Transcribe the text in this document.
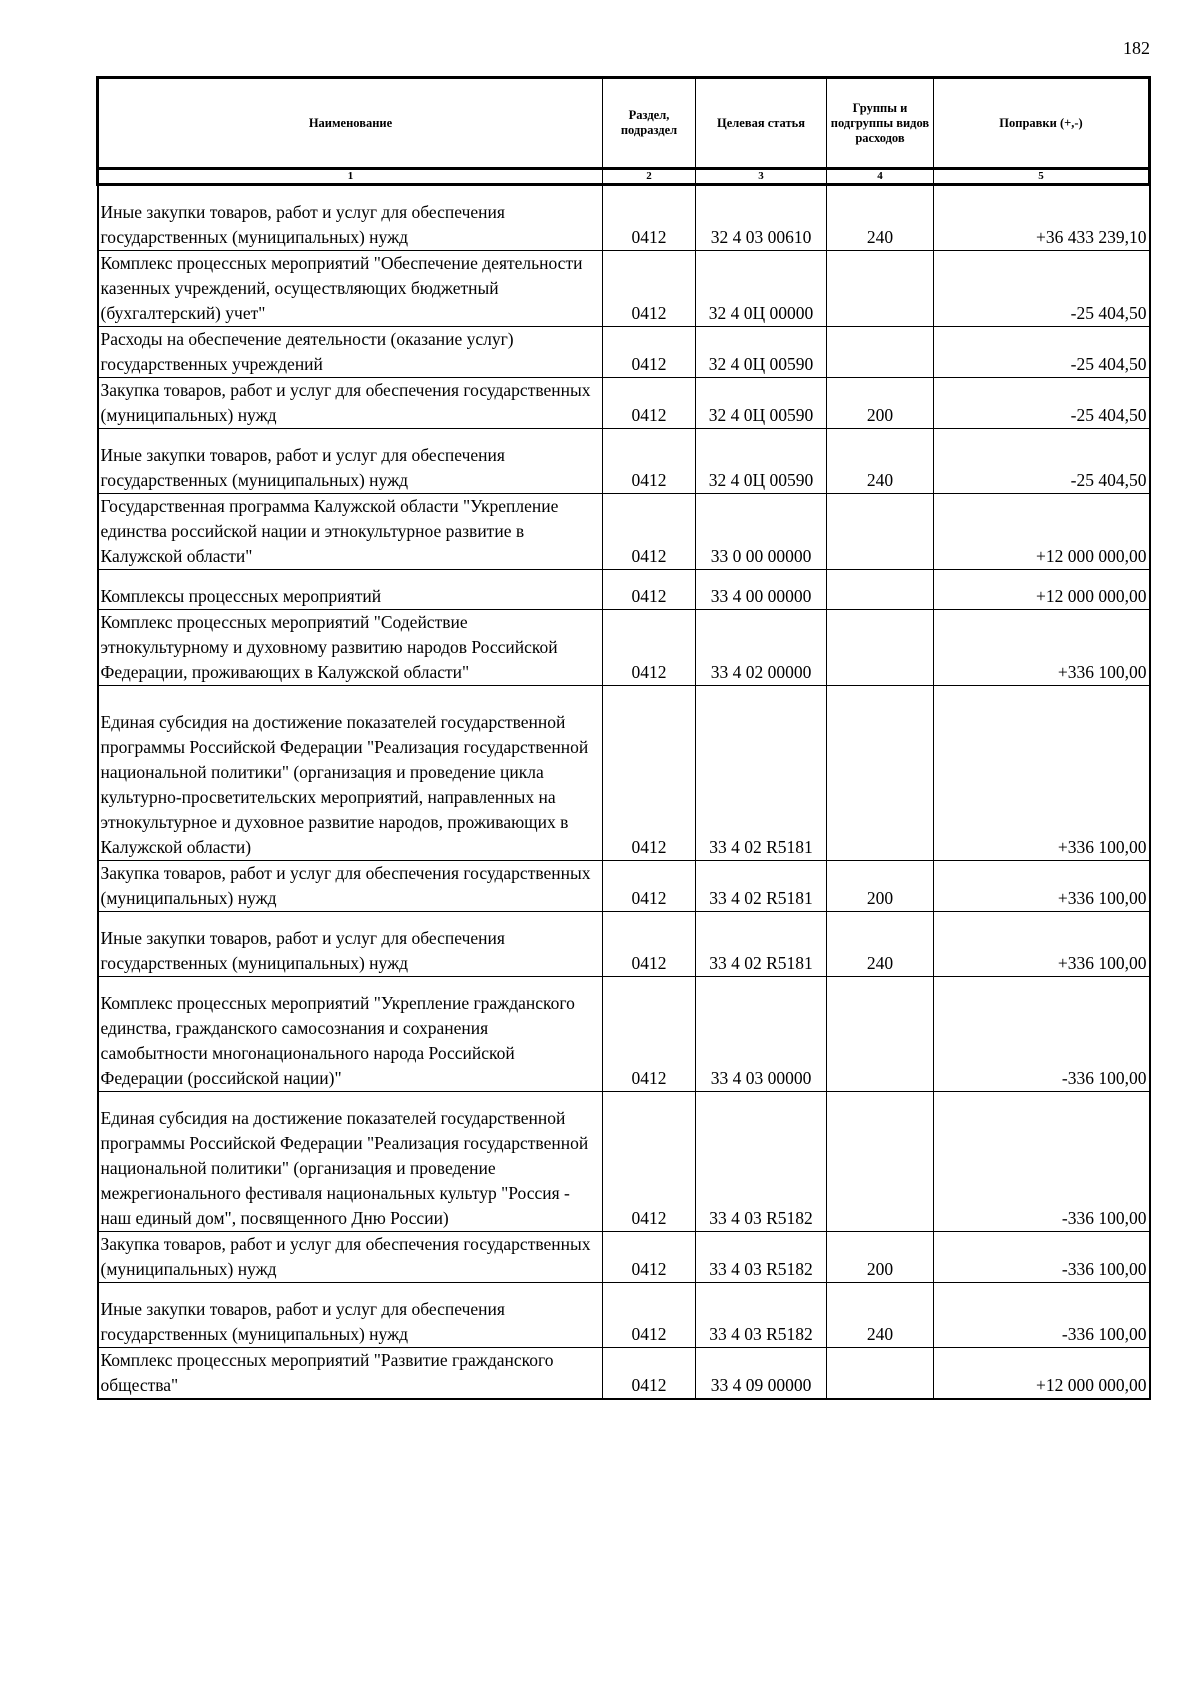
182
Наименование	Раздел, подраздел	Целевая статья	Группы и подгруппы видов расходов	Поправки (+,-)
1	2	3	4	5

Иные закупки товаров, работ и услуг для обеспечения государственных (муниципальных) нужд	0412	32 4 03 00610	240	+36 433 239,10
Комплекс процессных мероприятий "Обеспечение деятельности казенных учреждений, осуществляющих бюджетный (бухгалтерский) учет"	0412	32 4 0Ц 00000		-25 404,50
Расходы на обеспечение деятельности (оказание услуг) государственных учреждений	0412	32 4 0Ц 00590		-25 404,50
Закупка товаров, работ и услуг для обеспечения государственных (муниципальных) нужд	0412	32 4 0Ц 00590	200	-25 404,50

Иные закупки товаров, работ и услуг для обеспечения государственных (муниципальных) нужд	0412	32 4 0Ц 00590	240	-25 404,50
Государственная программа Калужской области "Укрепление единства российской нации и этнокультурное развитие в Калужской области"	0412	33 0 00 00000		+12 000 000,00

Комплексы процессных мероприятий	0412	33 4 00 00000		+12 000 000,00
Комплекс процессных мероприятий "Содействие этнокультурному и духовному развитию народов Российской Федерации, проживающих в Калужской области"	0412	33 4 02 00000		+336 100,00

Единая субсидия на достижение показателей государственной программы Российской Федерации "Реализация государственной национальной политики" (организация и проведение цикла культурно-просветительских мероприятий, направленных на этнокультурное и духовное развитие народов, проживающих в Калужской области)	0412	33 4 02 R5181		+336 100,00
Закупка товаров, работ и услуг для обеспечения государственных (муниципальных) нужд	0412	33 4 02 R5181	200	+336 100,00

Иные закупки товаров, работ и услуг для обеспечения государственных (муниципальных) нужд	0412	33 4 02 R5181	240	+336 100,00

Комплекс процессных мероприятий "Укрепление гражданского единства, гражданского самосознания и сохранения самобытности многонационального народа Российской Федерации (российской нации)"	0412	33 4 03 00000		-336 100,00

Единая субсидия на достижение показателей государственной программы Российской Федерации "Реализация государственной национальной политики" (организация и проведение межрегионального фестиваля национальных культур "Россия - наш единый дом", посвященного Дню России)	0412	33 4 03 R5182		-336 100,00
Закупка товаров, работ и услуг для обеспечения государственных (муниципальных) нужд	0412	33 4 03 R5182	200	-336 100,00

Иные закупки товаров, работ и услуг для обеспечения государственных (муниципальных) нужд	0412	33 4 03 R5182	240	-336 100,00
Комплекс процессных мероприятий "Развитие гражданского общества"	0412	33 4 09 00000		+12 000 000,00
